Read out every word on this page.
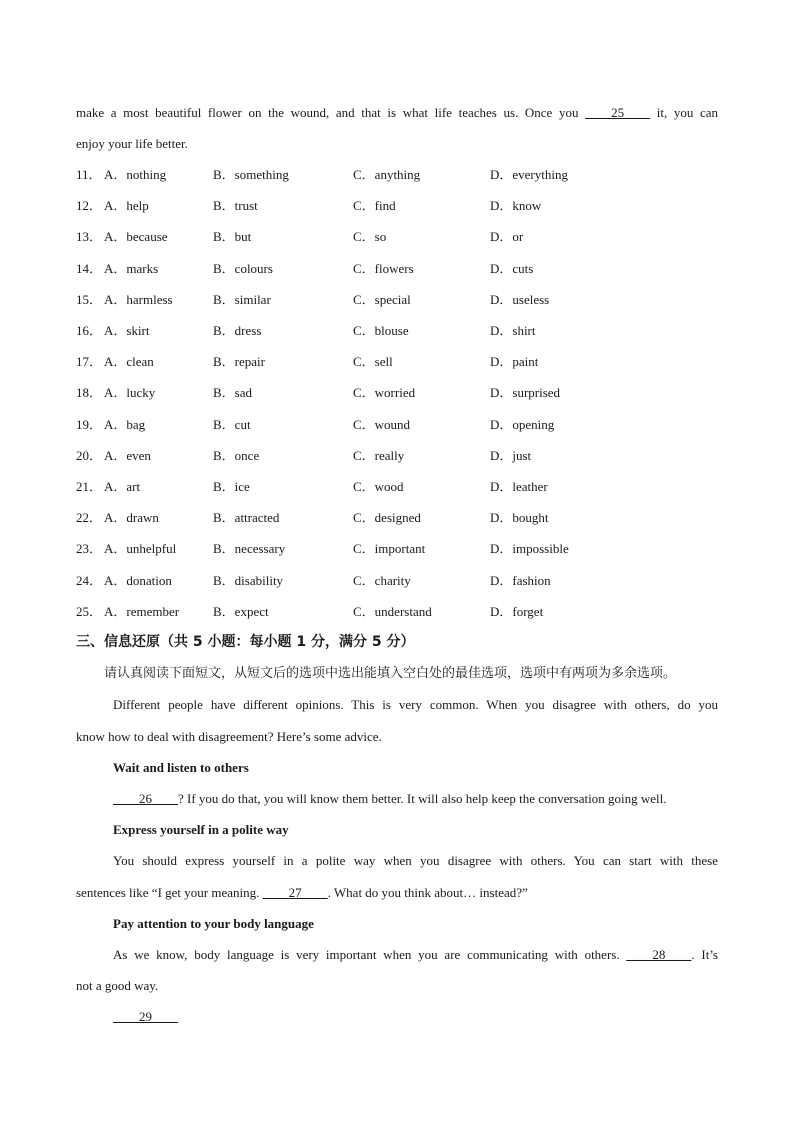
make a most beautiful flower on the wound, and that is what life teaches us. Once you ____25____ it, you can
enjoy your life better.
11． A．nothing	B．something	C．anything	D．everything
12． A．help	B．trust	C．find	D．know
13． A．because	B．but	C．so	D．or
14． A．marks	B．colours	C．flowers	D．cuts
15． A．harmless	B．similar	C．special	D．useless
16． A．skirt	B．dress	C．blouse	D．shirt
17． A．clean	B．repair	C．sell	D．paint
18． A．lucky	B．sad	C．worried	D．surprised
19． A．bag	B．cut	C．wound	D．opening
20． A．even	B．once	C．really	D．just
21． A．art	B．ice	C．wood	D．leather
22． A．drawn	B．attracted	C．designed	D．bought
23． A．unhelpful	B．necessary	C．important	D．impossible
24． A．donation	B．disability	C．charity	D．fashion
25． A．remember	B．expect	C．understand	D．forget
三、信息还原（共 5 小题：每小题 1 分，满分 5 分）
请认真阅读下面短文，从短文后的选项中选出能填入空白处的最佳选项，选项中有两项为多余选项。
Different people have different opinions. This is very common. When you disagree with others, do you
know how to deal with disagreement? Here’s some advice.
Wait and listen to others
____26____? If you do that, you will know them better. It will also help keep the conversation going well.
Express yourself in a polite way
You should express yourself in a polite way when you disagree with others. You can start with these
sentences like “I get your meaning. ____27____. What do you think about… instead?”
Pay attention to your body language
As we know, body language is very important when you are communicating with others. ____28____. It’s
not a good way.
____29____
